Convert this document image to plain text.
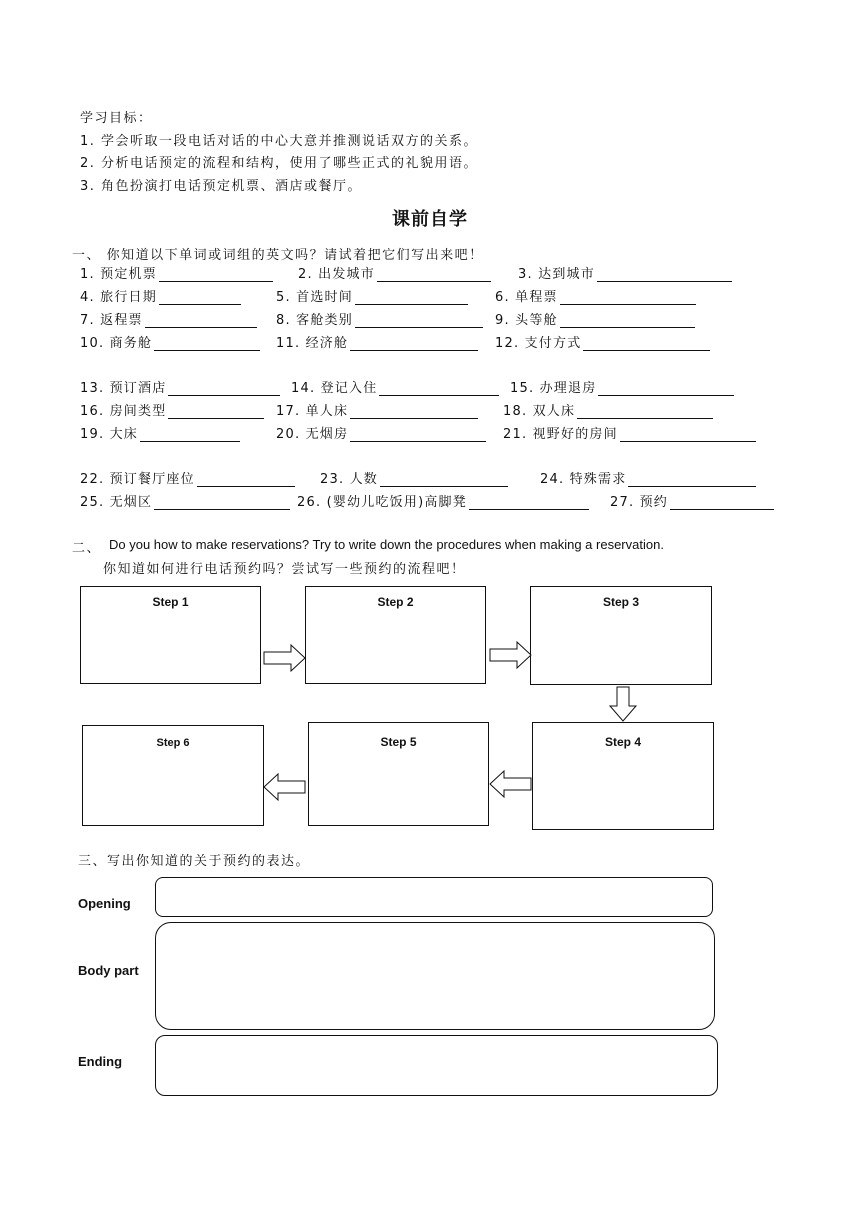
学习目标：
1. 学会听取一段电话对话的中心大意并推测说话双方的关系。
2. 分析电话预定的流程和结构，使用了哪些正式的礼貌用语。
3. 角色扮演打电话预定机票、酒店或餐厅。
课前自学
一、 你知道以下单词或词组的英文吗？请试着把它们写出来吧！
1. 预定机票	2. 出发城市	3. 达到城市
4. 旅行日期	5. 首选时间	6. 单程票
7. 返程票	8. 客舱类别	9. 头等舱
10. 商务舱	11. 经济舱	12. 支付方式
13. 预订酒店	14. 登记入住	15. 办理退房
16. 房间类型	17. 单人床	18. 双人床
19. 大床	20. 无烟房	21. 视野好的房间
22. 预订餐厅座位	23. 人数	24. 特殊需求
25. 无烟区	26. (婴幼儿吃饭用)高脚凳	27. 预约
二、 Do you how to make reservations? Try to write down the procedures when making a reservation.
你知道如何进行电话预约吗？尝试写一些预约的流程吧！
Step 1	Step 2	Step 3
Step 4
Step 5
Step 6
三、写出你知道的关于预约的表达。
Opening
Body part
Ending
